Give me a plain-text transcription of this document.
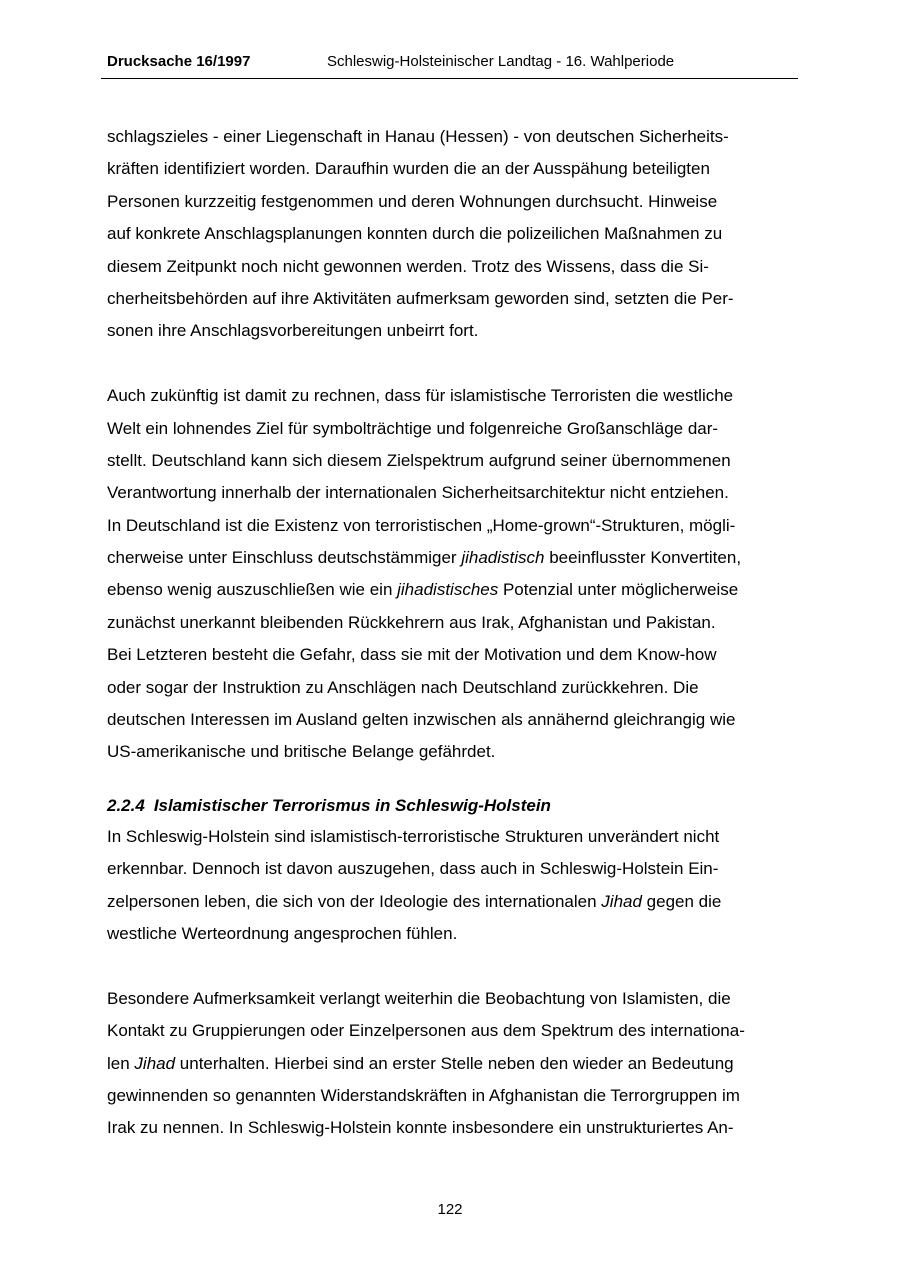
Drucksache 16/1997	Schleswig-Holsteinischer Landtag - 16. Wahlperiode
schlagszieles - einer Liegenschaft in Hanau (Hessen) - von deutschen Sicherheits-
kräften identifiziert worden. Daraufhin wurden die an der Ausspähung beteiligten
Personen kurzzeitig festgenommen und deren Wohnungen durchsucht. Hinweise
auf konkrete Anschlagsplanungen konnten durch die polizeilichen Maßnahmen zu
diesem Zeitpunkt noch nicht gewonnen werden. Trotz des Wissens, dass die Si-
cherheitsbehörden auf ihre Aktivitäten aufmerksam geworden sind, setzten die Per-
sonen ihre Anschlagsvorbereitungen unbeirrt fort.
Auch zukünftig ist damit zu rechnen, dass für islamistische Terroristen die westliche
Welt ein lohnendes Ziel für symbolträchtige und folgenreiche Großanschläge dar-
stellt. Deutschland kann sich diesem Zielspektrum aufgrund seiner übernommenen
Verantwortung innerhalb der internationalen Sicherheitsarchitektur nicht entziehen.
In Deutschland ist die Existenz von terroristischen „Home-grown“-Strukturen, mögli-
cherweise unter Einschluss deutschstämmiger jihadistisch beeinflusster Konvertiten,
ebenso wenig auszuschließen wie ein jihadistisches Potenzial unter möglicherweise
zunächst unerkannt bleibenden Rückkehrern aus Irak, Afghanistan und Pakistan.
Bei Letzteren besteht die Gefahr, dass sie mit der Motivation und dem Know-how
oder sogar der Instruktion zu Anschlägen nach Deutschland zurückkehren. Die
deutschen Interessen im Ausland gelten inzwischen als annähernd gleichrangig wie
US-amerikanische und britische Belange gefährdet.
2.2.4 Islamistischer Terrorismus in Schleswig-Holstein
In Schleswig-Holstein sind islamistisch-terroristische Strukturen unverändert nicht
erkennbar. Dennoch ist davon auszugehen, dass auch in Schleswig-Holstein Ein-
zelpersonen leben, die sich von der Ideologie des internationalen Jihad gegen die
westliche Werteordnung angesprochen fühlen.
Besondere Aufmerksamkeit verlangt weiterhin die Beobachtung von Islamisten, die
Kontakt zu Gruppierungen oder Einzelpersonen aus dem Spektrum des internationa-
len Jihad unterhalten. Hierbei sind an erster Stelle neben den wieder an Bedeutung
gewinnenden so genannten Widerstandskräften in Afghanistan die Terrorgruppen im
Irak zu nennen. In Schleswig-Holstein konnte insbesondere ein unstrukturiertes An-
122
